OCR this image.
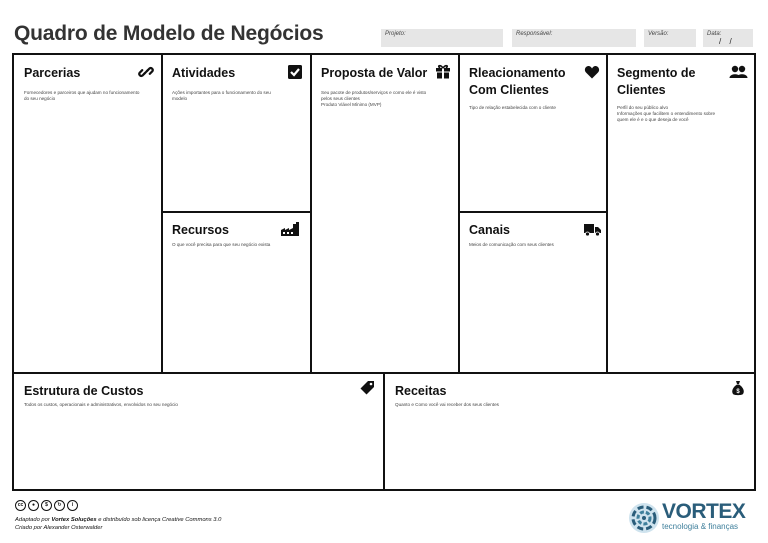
Quadro de Modelo de Negócios	Projeto:	Responsável:	Versão:	Data:
/ /
Parcerias
Fornecedores e parceiros que ajudam no funcionamento
do seu negócio
Atividades
Ações importantes para o funcionamento do seu
modelo
Recursos
O que você precisa para que seu negócio exista
Proposta de Valor
Seu pacote de produtos/serviços e como ele é visto
pelos seus clientes
Produto Viável Mínimo (MVP)
Rleacionamento
Com Clientes
Tipo de relação estabelecida com o cliente
Canais
Meios de comunicação com seus clientes
Segmento de
Clientes
Perfil do seu público alvo
Informações que facilitem o entendimento sobre
quem ele é e o que deseja de você
Estrutura de Custos
Todos os custos, operacionais e administrativos, envolvidos no seu negócio
Receitas
Quanto e Como você vai receber dos seus clientes
$
cc	●	$	↻	i
Adaptado por Vortex Soluções e distribuído sob licença Creative Commons 3.0
Criado por Alexander Osterwalder
VORTEX
tecnologia & finanças
